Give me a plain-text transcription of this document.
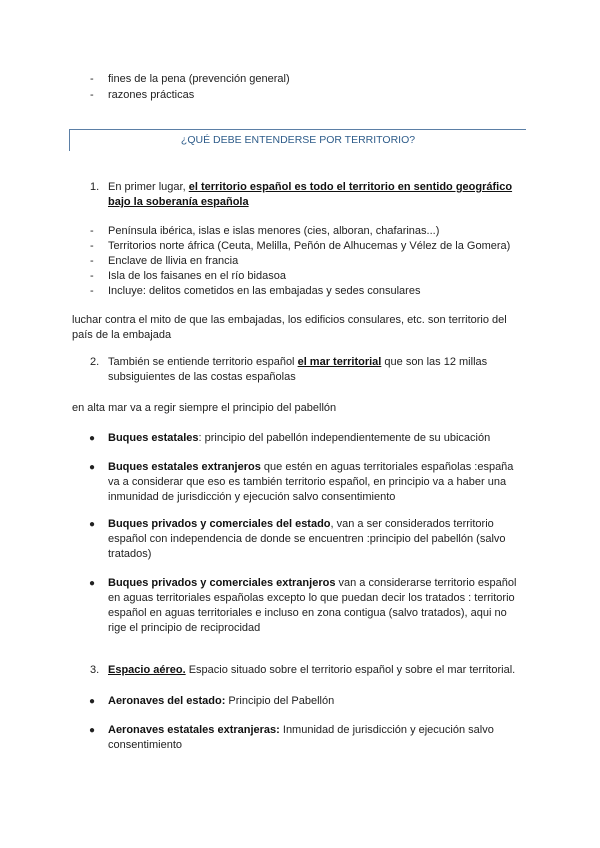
- fines de la pena (prevención general)
- razones prácticas
¿QUÉ DEBE ENTENDERSE POR TERRITORIO?
1. En primer lugar, el territorio español es todo el territorio en sentido geográfico bajo la soberanía española
- Península ibérica, islas e islas menores (cies, alboran, chafarinas...)
- Territorios norte áfrica (Ceuta, Melilla, Peñón de Alhucemas y Vélez de la Gomera)
- Enclave de llivia en francia
- Isla de los faisanes en el río bidasoa
- Incluye: delitos cometidos en las embajadas y sedes consulares
luchar contra el mito de que las embajadas, los edificios consulares, etc. son territorio del país de la embajada
2. También se entiende territorio español el mar territorial que son las 12 millas subsiguientes de las costas españolas
en alta mar va a regir siempre el principio del pabellón
● Buques estatales: principio del pabellón independientemente de su ubicación
● Buques estatales extranjeros que estén en aguas territoriales españolas :españa va a considerar que eso es también territorio español, en principio va a haber una inmunidad de jurisdicción y ejecución salvo consentimiento
● Buques privados y comerciales del estado, van a ser considerados territorio español con independencia de donde se encuentren :principio del pabellón (salvo tratados)
● Buques privados y comerciales extranjeros van a considerarse territorio español en aguas territoriales españolas excepto lo que puedan decir los tratados : territorio español en aguas territoriales e incluso en zona contigua (salvo tratados), aqui no rige el principio de reciprocidad
3. Espacio aéreo. Espacio situado sobre el territorio español y sobre el mar territorial.
● Aeronaves del estado: Principio del Pabellón
● Aeronaves estatales extranjeras: Inmunidad de jurisdicción y ejecución salvo consentimiento
